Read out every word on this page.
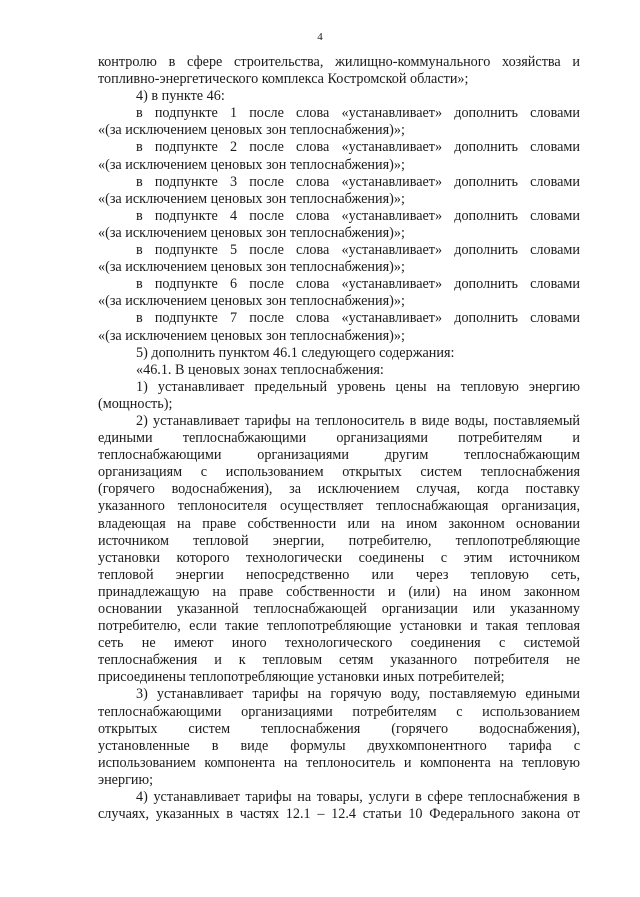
4
контролю в сфере строительства, жилищно-коммунального хозяйства и
топливно-энергетического комплекса Костромской области»;
4) в пункте 46:
в подпункте 1 после слова «устанавливает» дополнить словами
«(за исключением ценовых зон теплоснабжения)»;
в подпункте 2 после слова «устанавливает» дополнить словами
«(за исключением ценовых зон теплоснабжения)»;
в подпункте 3 после слова «устанавливает» дополнить словами
«(за исключением ценовых зон теплоснабжения)»;
в подпункте 4 после слова «устанавливает» дополнить словами
«(за исключением ценовых зон теплоснабжения)»;
в подпункте 5 после слова «устанавливает» дополнить словами
«(за исключением ценовых зон теплоснабжения)»;
в подпункте 6 после слова «устанавливает» дополнить словами
«(за исключением ценовых зон теплоснабжения)»;
в подпункте 7 после слова «устанавливает» дополнить словами
«(за исключением ценовых зон теплоснабжения)»;
5) дополнить пунктом 46.1 следующего содержания:
«46.1. В ценовых зонах теплоснабжения:
1) устанавливает предельный уровень цены на тепловую энергию
(мощность);
2) устанавливает тарифы на теплоноситель в виде воды, поставляемый
едиными теплоснабжающими организациями потребителям и
теплоснабжающими организациями другим теплоснабжающим
организациям с использованием открытых систем теплоснабжения
(горячего водоснабжения), за исключением случая, когда поставку
указанного теплоносителя осуществляет теплоснабжающая организация,
владеющая на праве собственности или на ином законном основании
источником тепловой энергии, потребителю, теплопотребляющие
установки которого технологически соединены с этим источником
тепловой энергии непосредственно или через тепловую сеть,
принадлежащую на праве собственности и (или) на ином законном
основании указанной теплоснабжающей организации или указанному
потребителю, если такие теплопотребляющие установки и такая тепловая
сеть не имеют иного технологического соединения с системой
теплоснабжения и к тепловым сетям указанного потребителя не
присоединены теплопотребляющие установки иных потребителей;
3) устанавливает тарифы на горячую воду, поставляемую едиными
теплоснабжающими организациями потребителям с использованием
открытых систем теплоснабжения (горячего водоснабжения),
установленные в виде формулы двухкомпонентного тарифа с
использованием компонента на теплоноситель и компонента на тепловую
энергию;
4) устанавливает тарифы на товары, услуги в сфере теплоснабжения в
случаях, указанных в частях 12.1 – 12.4 статьи 10 Федерального закона от
